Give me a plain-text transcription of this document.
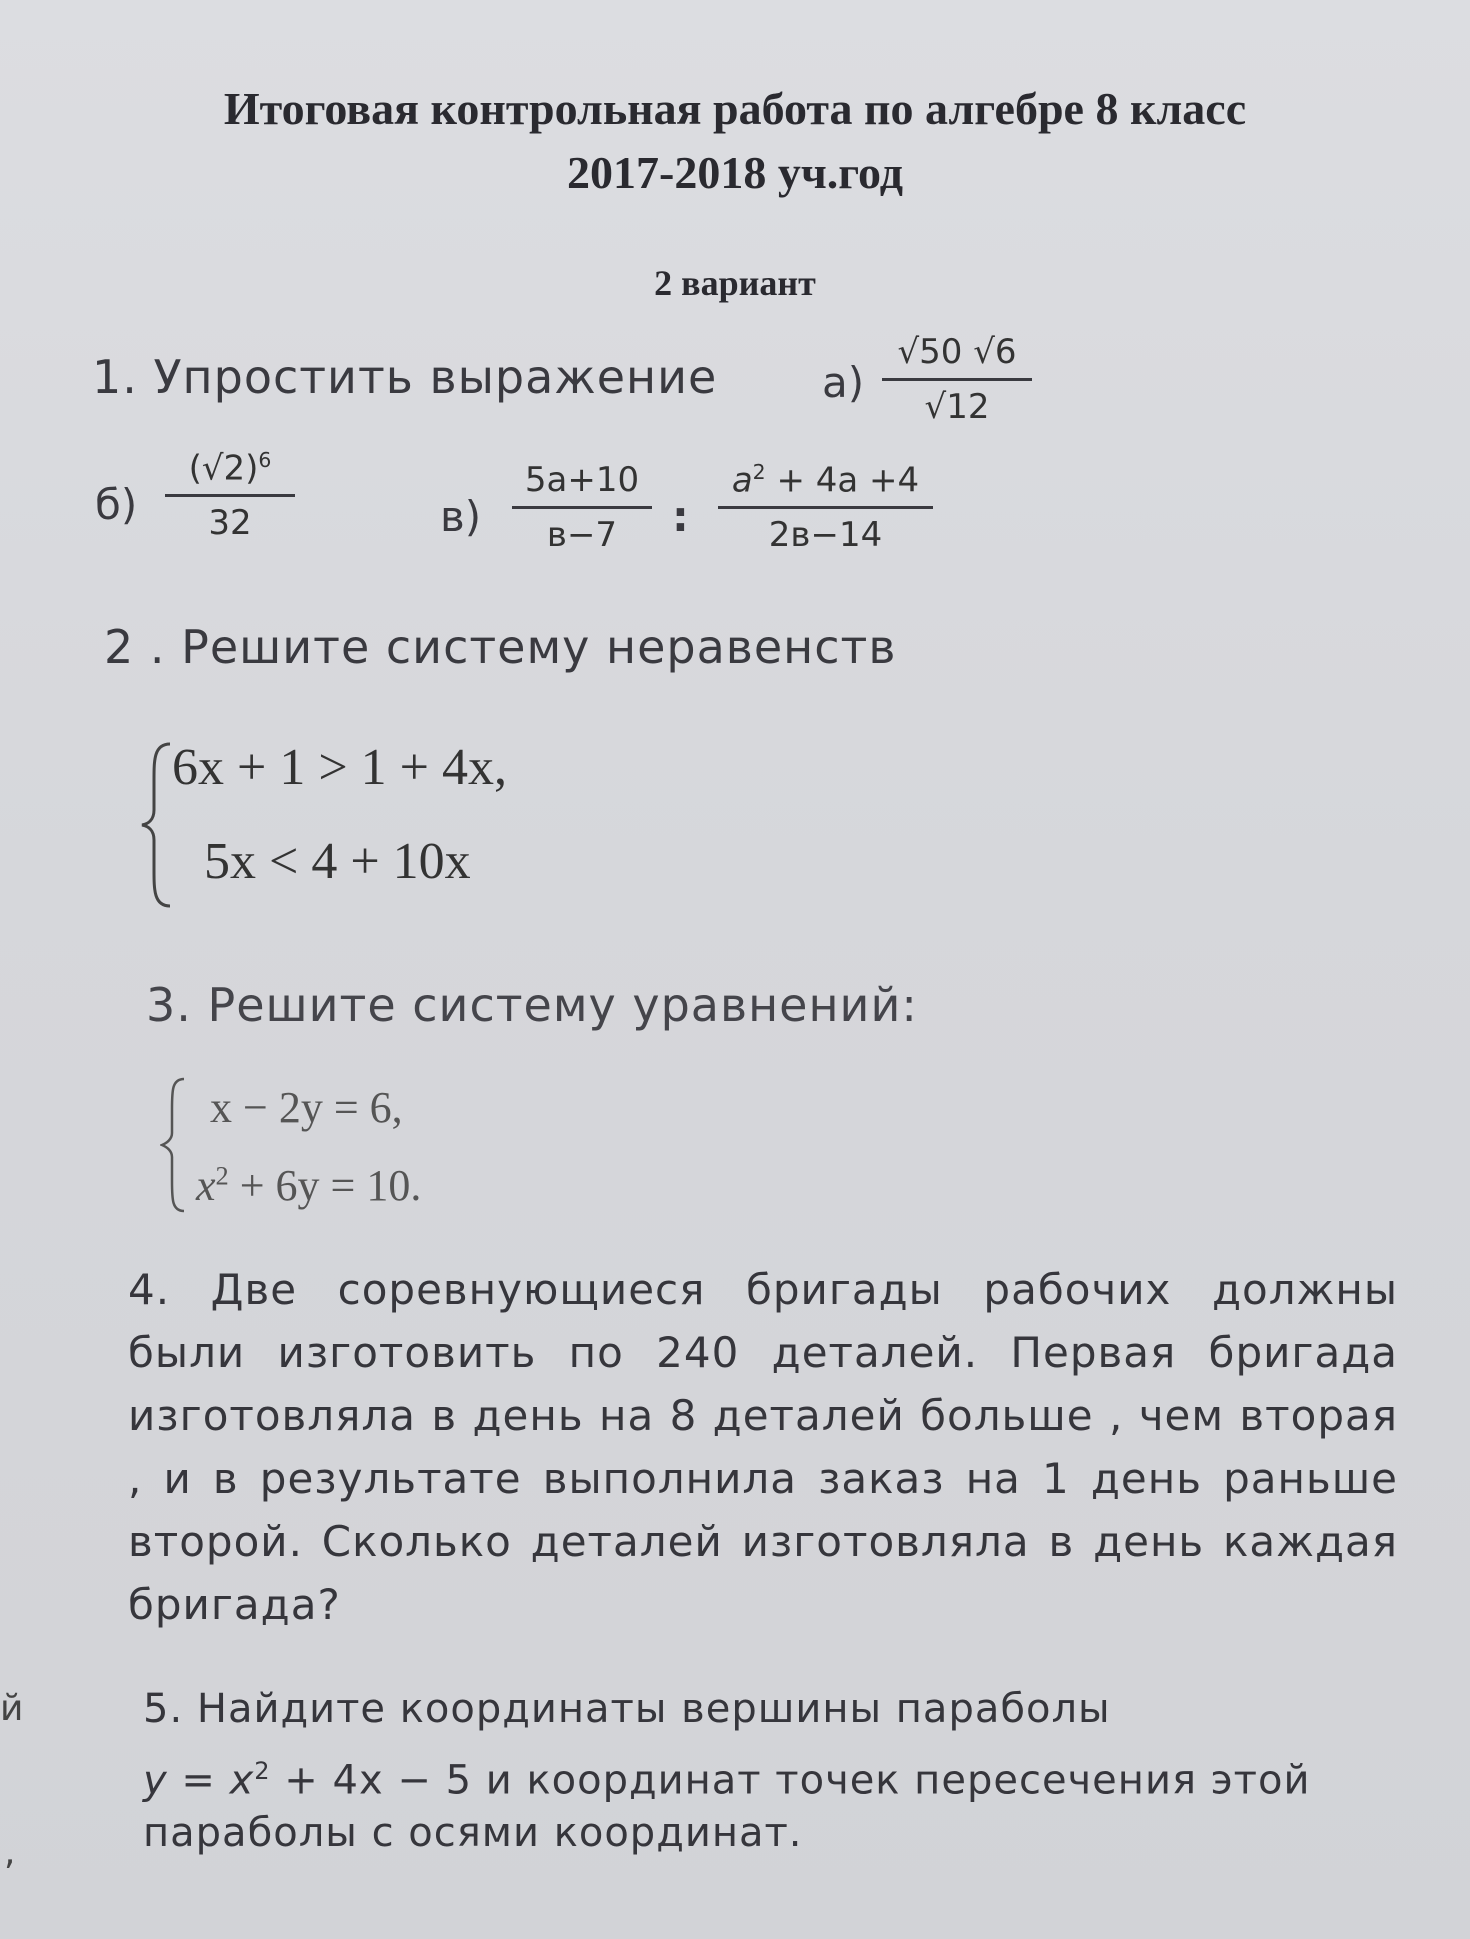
Итоговая контрольная работа по алгебре 8 класс
2017-2018 уч.год
2 вариант
1. Упростить выражение а)
√50 √6
√12
б)
$(√2)^6$
32	в)
5a+10
в−7 :
$a^2 + 4a +4$
2в−14
2 . Решите систему неравенств
6x + 1 > 1 + 4x,
5x < 4 + 10x
3. Решите систему уравнений:
x − 2y = 6,
$x^2 + 6y = 10$.
4. Две соревнующиеся бригады рабочих должны были изготовить по 240 деталей. Первая бригада изготовляла в день на 8 деталей больше , чем вторая , и в результате выполнила заказ на 1 день раньше второй. Сколько деталей изготовляла в день каждая бригада?
5. Найдите координаты вершины параболы
$y = x^2 + 4x - 5$ и координат точек пересечения этой
параболы с осями координат.
й
,
